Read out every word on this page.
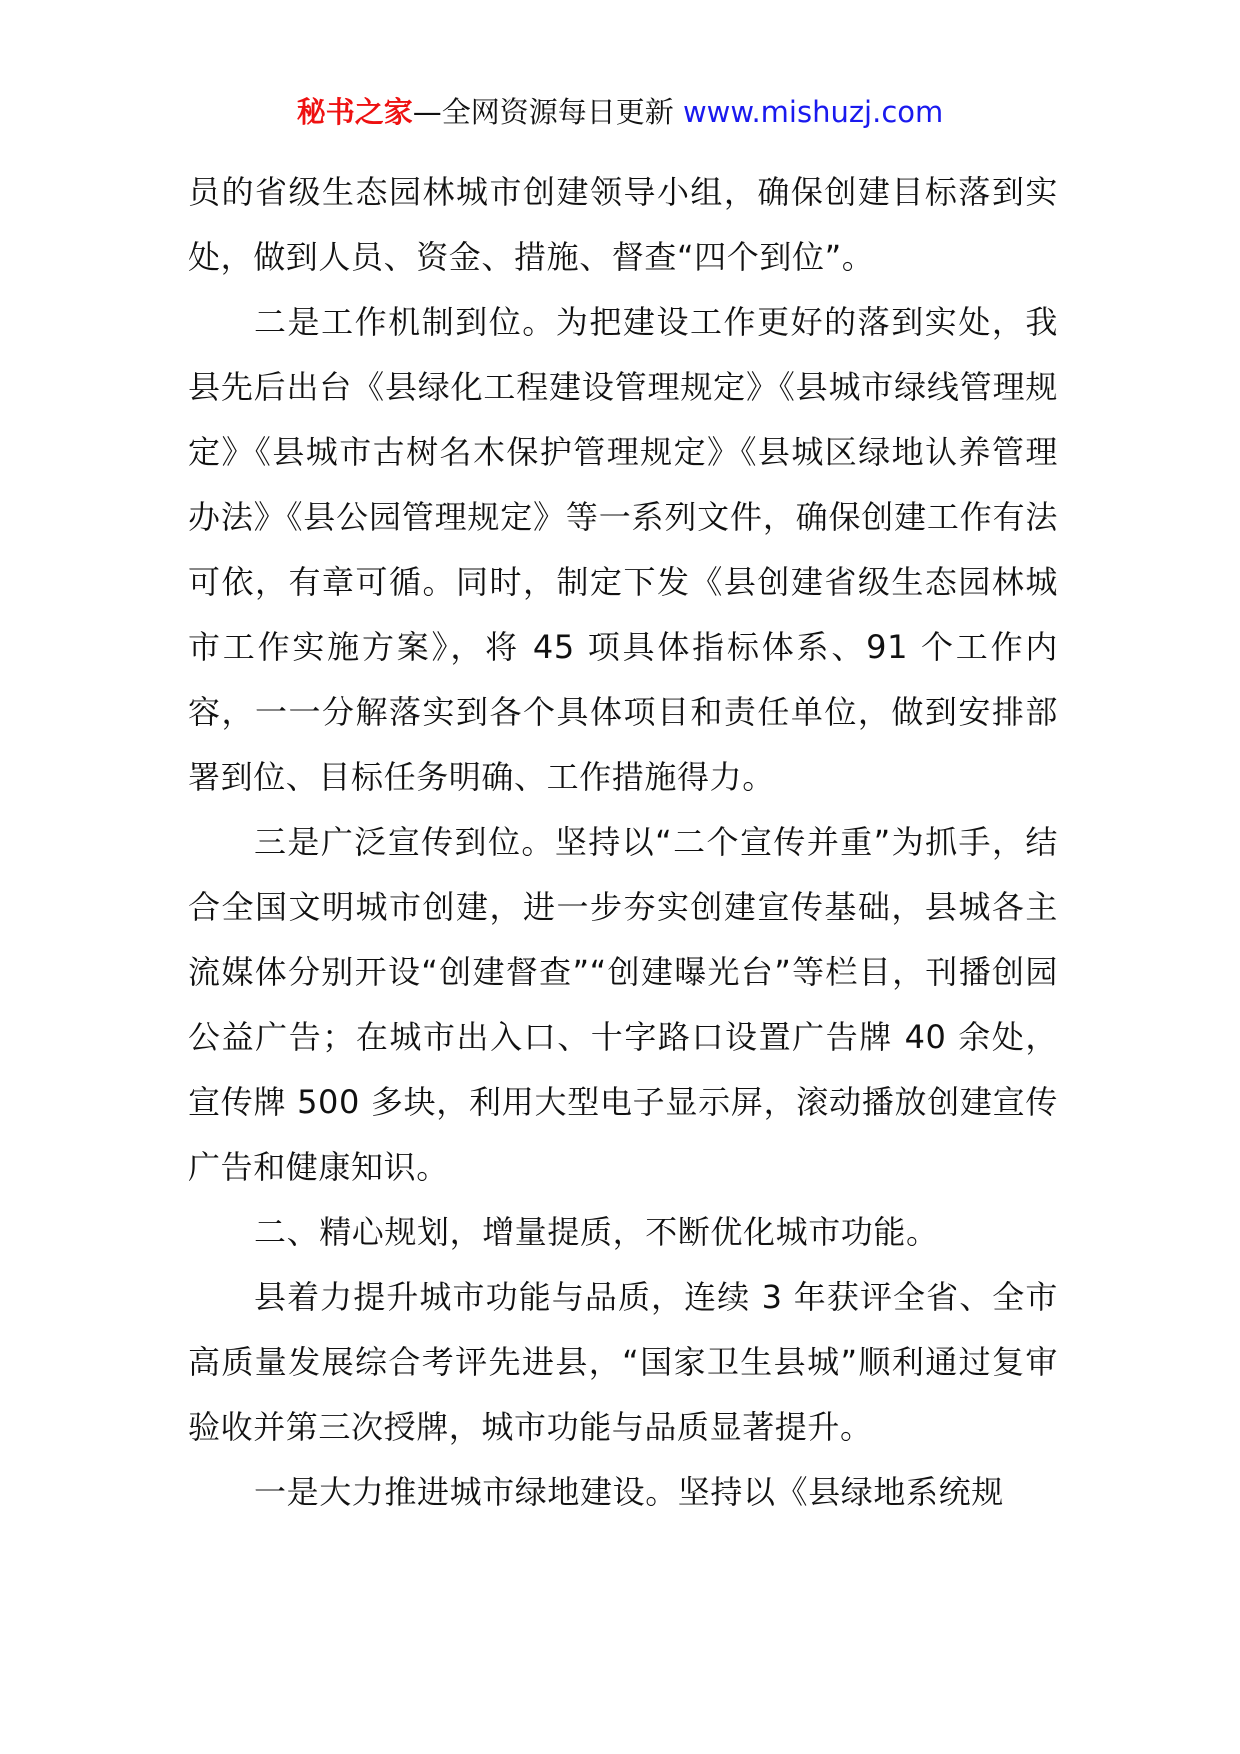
秘书之家—全网资源每日更新 www.mishuzj.com

员的省级生态园林城市创建领导小组，确保创建目标落到实处，做到人员、资金、措施、督查“四个到位”。

二是工作机制到位。为把建设工作更好的落到实处，我县先后出台《县绿化工程建设管理规定》《县城市绿线管理规定》《县城市古树名木保护管理规定》《县城区绿地认养管理办法》《县公园管理规定》等一系列文件，确保创建工作有法可依，有章可循。同时，制定下发《县创建省级生态园林城市工作实施方案》，将 45 项具体指标体系、91 个工作内容，一一分解落实到各个具体项目和责任单位，做到安排部署到位、目标任务明确、工作措施得力。

三是广泛宣传到位。坚持以“二个宣传并重”为抓手，结合全国文明城市创建，进一步夯实创建宣传基础，县城各主流媒体分别开设“创建督查”“创建曝光台”等栏目，刊播创园公益广告；在城市出入口、十字路口设置广告牌 40 余处，宣传牌 500 多块，利用大型电子显示屏，滚动播放创建宣传广告和健康知识。

二、精心规划，增量提质，不断优化城市功能。

县着力提升城市功能与品质，连续 3 年获评全省、全市高质量发展综合考评先进县，“国家卫生县城”顺利通过复审验收并第三次授牌，城市功能与品质显著提升。

一是大力推进城市绿地建设。坚持以《县绿地系统规
